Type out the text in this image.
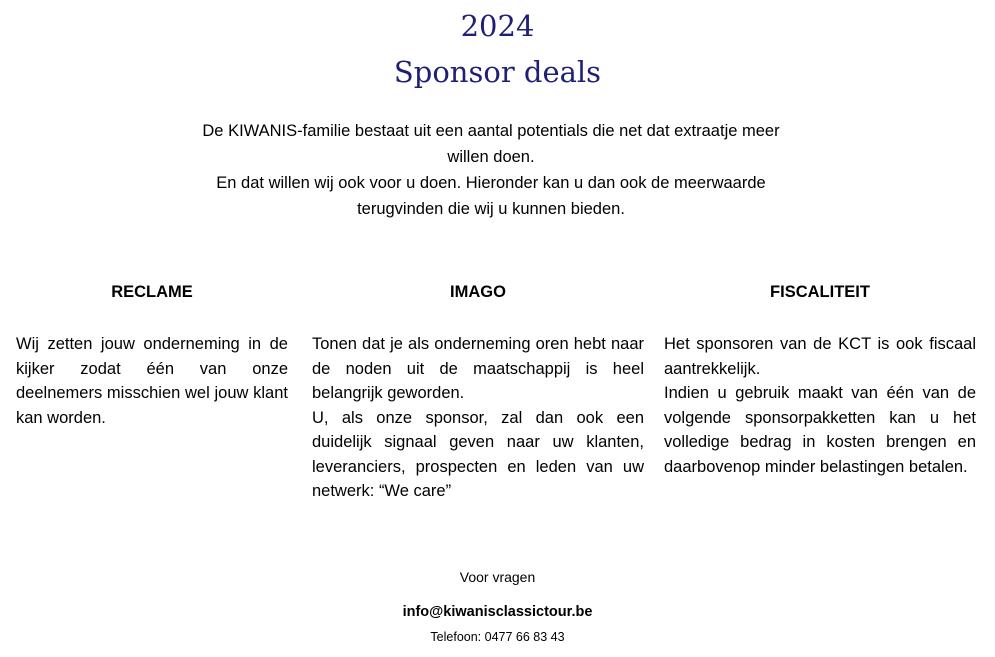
2024
Sponsor deals

De KIWANIS-familie bestaat uit een aantal potentials die net dat extraatje meer willen doen.

En dat willen wij ook voor u doen. Hieronder kan u dan ook de meerwaarde terugvinden die wij u kunnen bieden.

RECLAME

Wij zetten jouw onderneming in de kijker zodat één van onze deelnemers misschien wel jouw klant kan worden.

IMAGO

Tonen dat je als onderneming oren hebt naar de noden uit de maatschappij is heel belangrijk geworden.

U, als onze sponsor, zal dan ook een duidelijk signaal geven naar uw klanten, leveranciers, prospecten en leden van uw netwerk: “We care”

FISCALITEIT

Het sponsoren van de KCT is ook fiscaal aantrekkelijk.

Indien u gebruik maakt van één van de volgende sponsorpakketten kan u het volledige bedrag in kosten brengen en daarbovenop minder belastingen betalen.

Voor vragen
info@kiwanisclassictour.be
Telefoon: 0477 66 83 43
